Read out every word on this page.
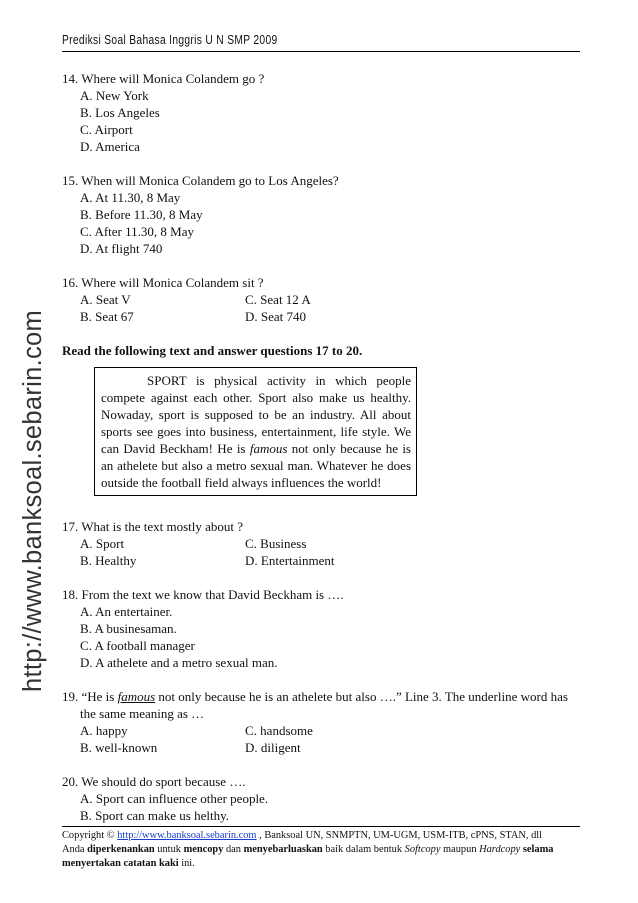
Prediksi Soal Bahasa Inggris U N SMP 2009
http://www.banksoal.sebarin.com
14. Where will Monica Colandem go ?
A. New York
B. Los Angeles
C. Airport
D. America
15. When will Monica Colandem go to Los Angeles?
A. At 11.30, 8 May
B. Before 11.30, 8 May
C. After 11.30, 8 May
D. At flight 740
16. Where will Monica Colandem sit ?
A. Seat V	C. Seat 12 A
B. Seat 67	D. Seat 740
Read the following text and answer questions 17 to 20.
SPORT is physical activity in which people compete against each other. Sport also make us healthy. Nowaday, sport is supposed to be an industry. All about sports see goes into business, entertainment, life style. We can David Beckham! He is famous not only because he is an athelete but also a metro sexual man. Whatever he does outside the football field always influences the world!
17. What is the text mostly about ?
A. Sport	C. Business
B. Healthy	D. Entertainment
18. From the text we know that David Beckham is ….
A. An entertainer.
B. A businesaman.
C. A football manager
D. A athelete and a metro sexual man.
19. “He is famous not only because he is an athelete but also ….” Line 3. The underline word has
the same meaning as …
A. happy	C. handsome
B. well-known	D. diligent
20. We should do sport because ….
A. Sport can influence other people.
B. Sport can make us helthy.
Copyright © http://www.banksoal.sebarin.com , Banksoal UN, SNMPTN, UM-UGM, USM-ITB, cPNS, STAN, dll
Anda diperkenankan untuk mencopy dan menyebarluaskan baik dalam bentuk Softcopy maupun Hardcopy selama
menyertakan catatan kaki ini.
